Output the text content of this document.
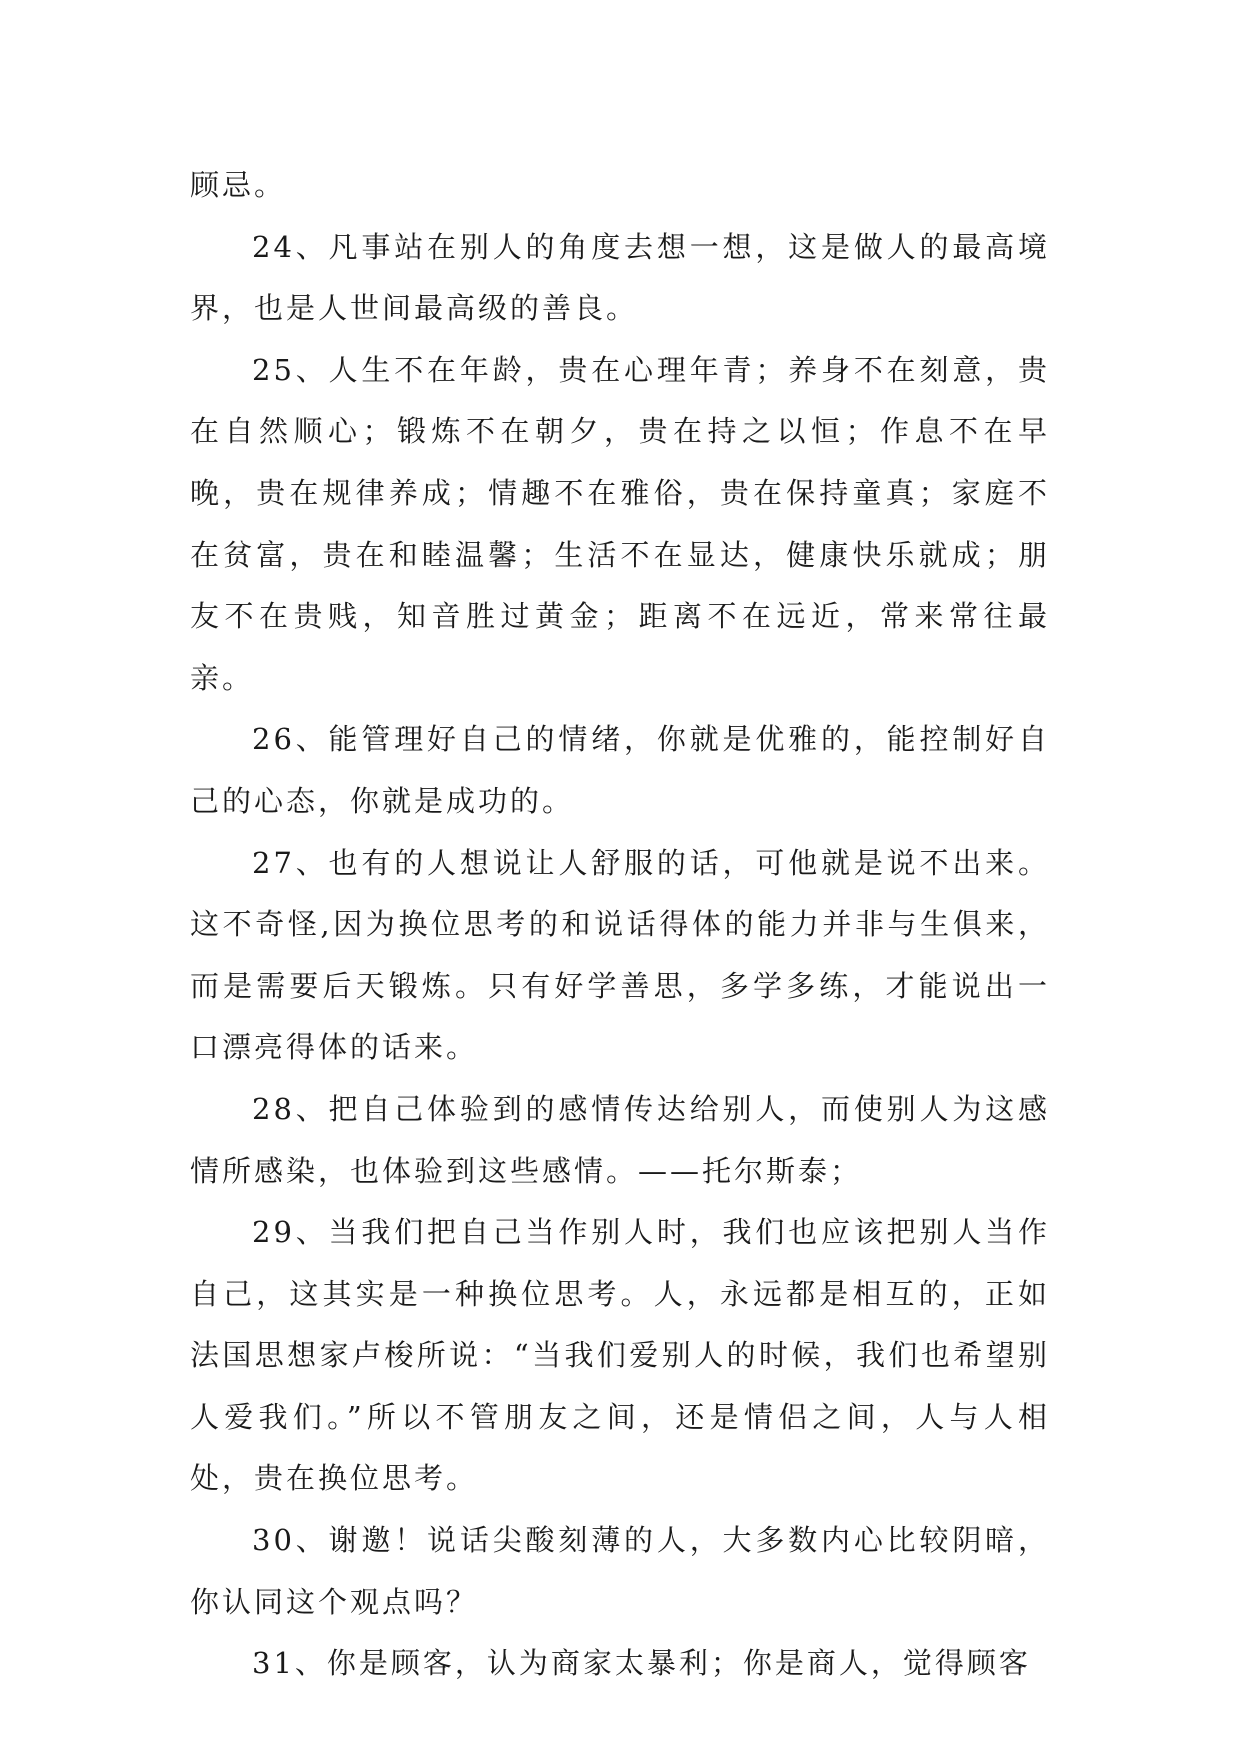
顾忌。

24、凡事站在别人的角度去想一想，这是做人的最高境界，也是人世间最高级的善良。

25、人生不在年龄，贵在心理年青；养身不在刻意，贵在自然顺心；锻炼不在朝夕，贵在持之以恒；作息不在早晚，贵在规律养成；情趣不在雅俗，贵在保持童真；家庭不在贫富，贵在和睦温馨；生活不在显达，健康快乐就成；朋友不在贵贱，知音胜过黄金；距离不在远近，常来常往最亲。

26、能管理好自己的情绪，你就是优雅的，能控制好自己的心态，你就是成功的。

27、也有的人想说让人舒服的话，可他就是说不出来。这不奇怪,因为换位思考的和说话得体的能力并非与生俱来，而是需要后天锻炼。只有好学善思，多学多练，才能说出一口漂亮得体的话来。

28、把自己体验到的感情传达给别人，而使别人为这感情所感染，也体验到这些感情。——托尔斯泰；

29、当我们把自己当作别人时，我们也应该把别人当作自己，这其实是一种换位思考。人，永远都是相互的，正如法国思想家卢梭所说：“当我们爱别人的时候，我们也希望别人爱我们。”所以不管朋友之间，还是情侣之间，人与人相处，贵在换位思考。

30、谢邀！说话尖酸刻薄的人，大多数内心比较阴暗，你认同这个观点吗？

31、你是顾客，认为商家太暴利；你是商人，觉得顾客
